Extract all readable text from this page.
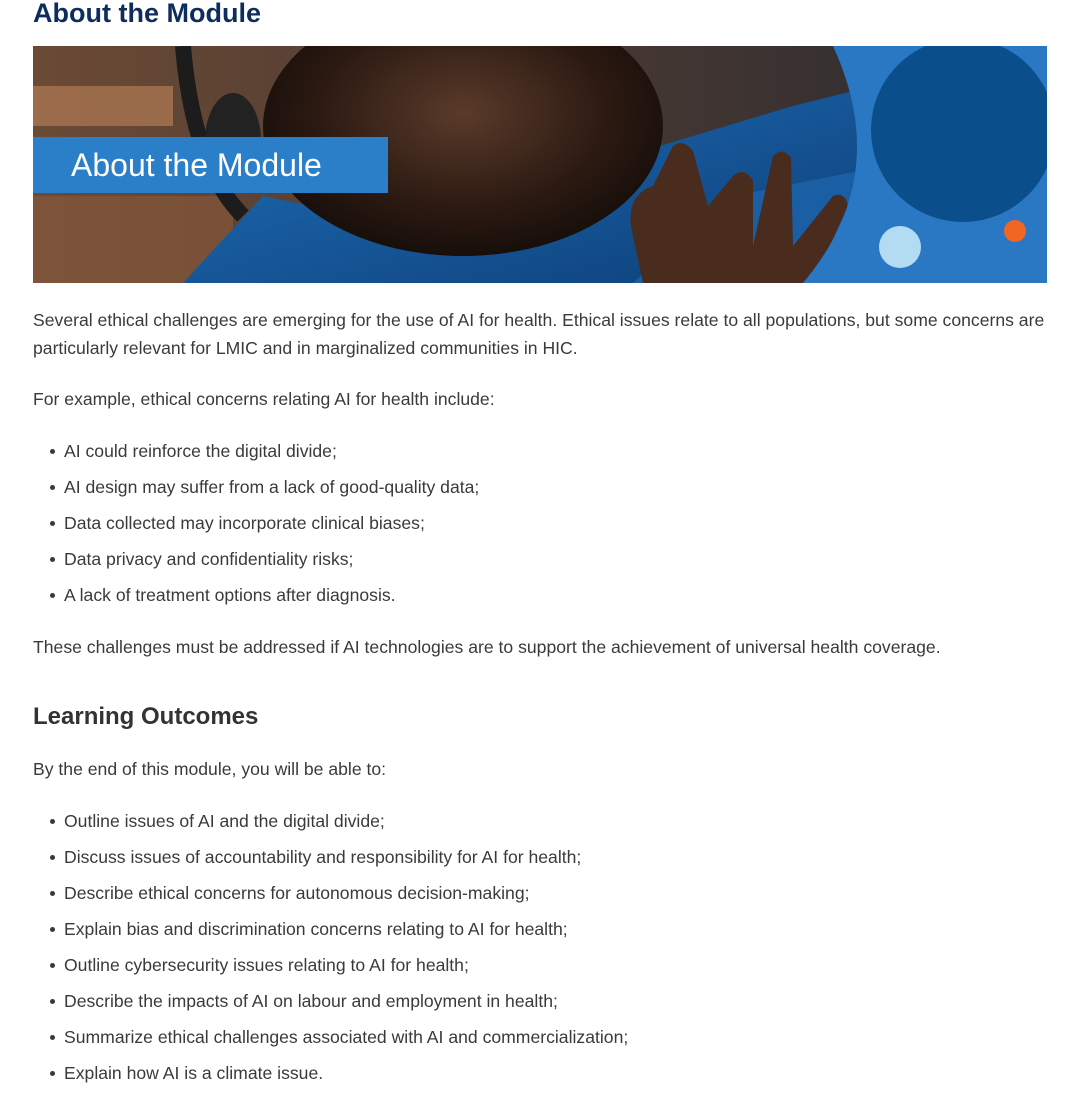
About the Module
About the Module

Several ethical challenges are emerging for the use of AI for health. Ethical issues relate to all populations, but some concerns are particularly relevant for LMIC and in marginalized communities in HIC.

For example, ethical concerns relating AI for health include:

AI could reinforce the digital divide;
AI design may suffer from a lack of good-quality data;
Data collected may incorporate clinical biases;
Data privacy and confidentiality risks;
A lack of treatment options after diagnosis.

These challenges must be addressed if AI technologies are to support the achievement of universal health coverage.

Learning Outcomes

By the end of this module, you will be able to:

Outline issues of AI and the digital divide;
Discuss issues of accountability and responsibility for AI for health;
Describe ethical concerns for autonomous decision-making;
Explain bias and discrimination concerns relating to AI for health;
Outline cybersecurity issues relating to AI for health;
Describe the impacts of AI on labour and employment in health;
Summarize ethical challenges associated with AI and commercialization;
Explain how AI is a climate issue.
